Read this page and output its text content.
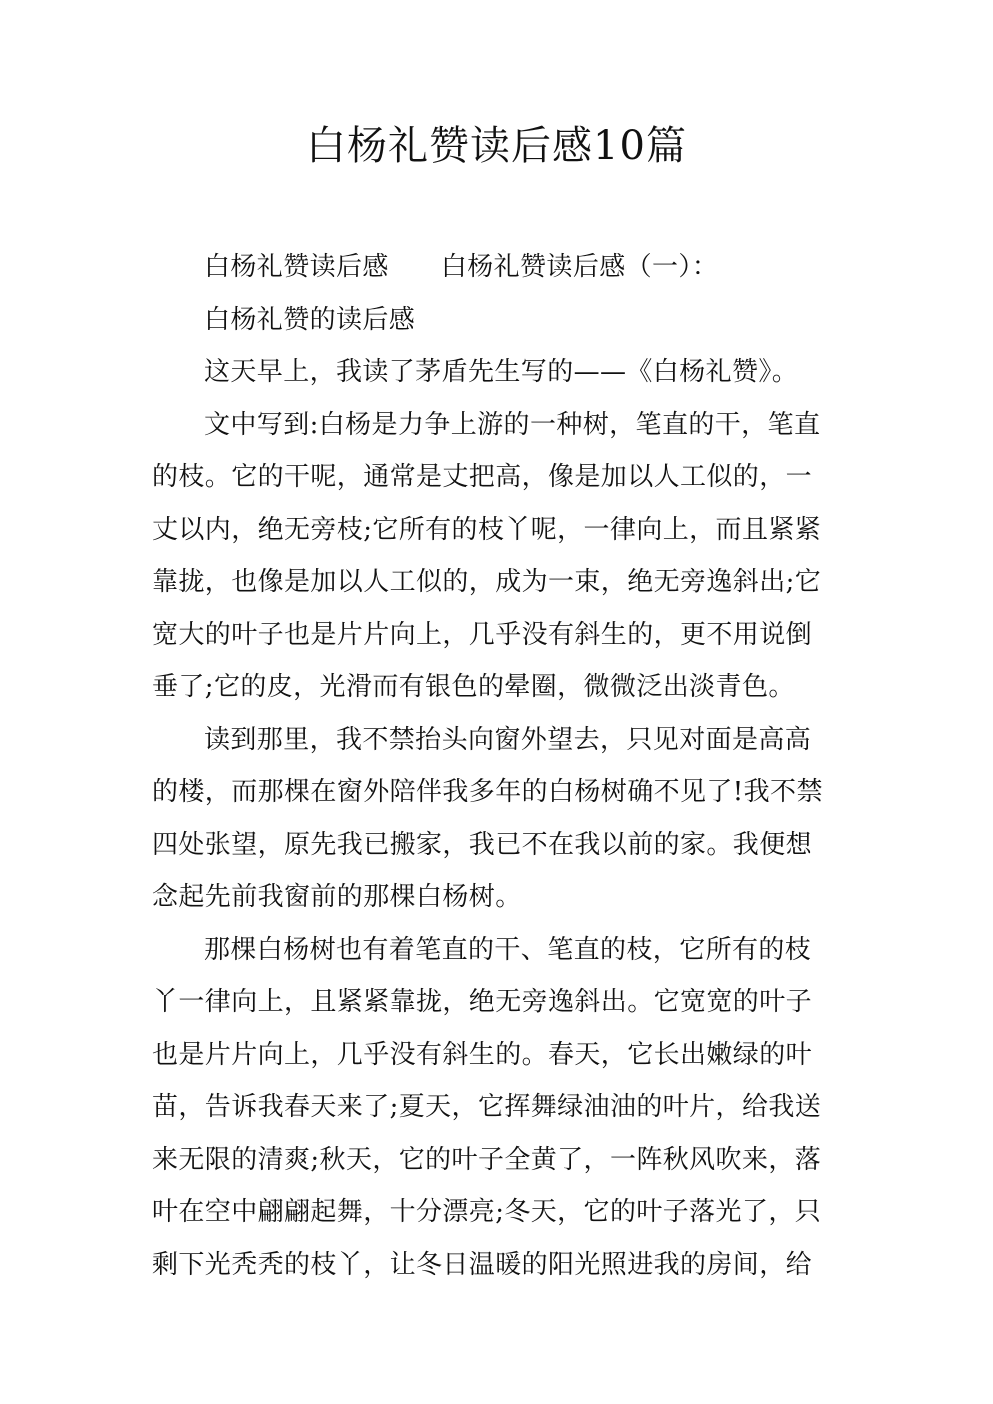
白杨礼赞读后感10篇
白杨礼赞读后感 白杨礼赞读后感（一）：
白杨礼赞的读后感
这天早上，我读了茅盾先生写的——《白杨礼赞》。
文中写到:白杨是力争上游的一种树，笔直的干，笔直
的枝。它的干呢，通常是丈把高，像是加以人工似的，一
丈以内，绝无旁枝;它所有的枝丫呢，一律向上，而且紧紧
靠拢，也像是加以人工似的，成为一束，绝无旁逸斜出;它
宽大的叶子也是片片向上，几乎没有斜生的，更不用说倒
垂了;它的皮，光滑而有银色的晕圈，微微泛出淡青色。
读到那里，我不禁抬头向窗外望去，只见对面是高高
的楼，而那棵在窗外陪伴我多年的白杨树确不见了!我不禁
四处张望，原先我已搬家，我已不在我以前的家。我便想
念起先前我窗前的那棵白杨树。
那棵白杨树也有着笔直的干、笔直的枝，它所有的枝
丫一律向上，且紧紧靠拢，绝无旁逸斜出。它宽宽的叶子
也是片片向上，几乎没有斜生的。春天，它长出嫩绿的叶
苗，告诉我春天来了;夏天，它挥舞绿油油的叶片，给我送
来无限的清爽;秋天，它的叶子全黄了，一阵秋风吹来，落
叶在空中翩翩起舞，十分漂亮;冬天，它的叶子落光了，只
剩下光秃秃的枝丫，让冬日温暖的阳光照进我的房间，给
